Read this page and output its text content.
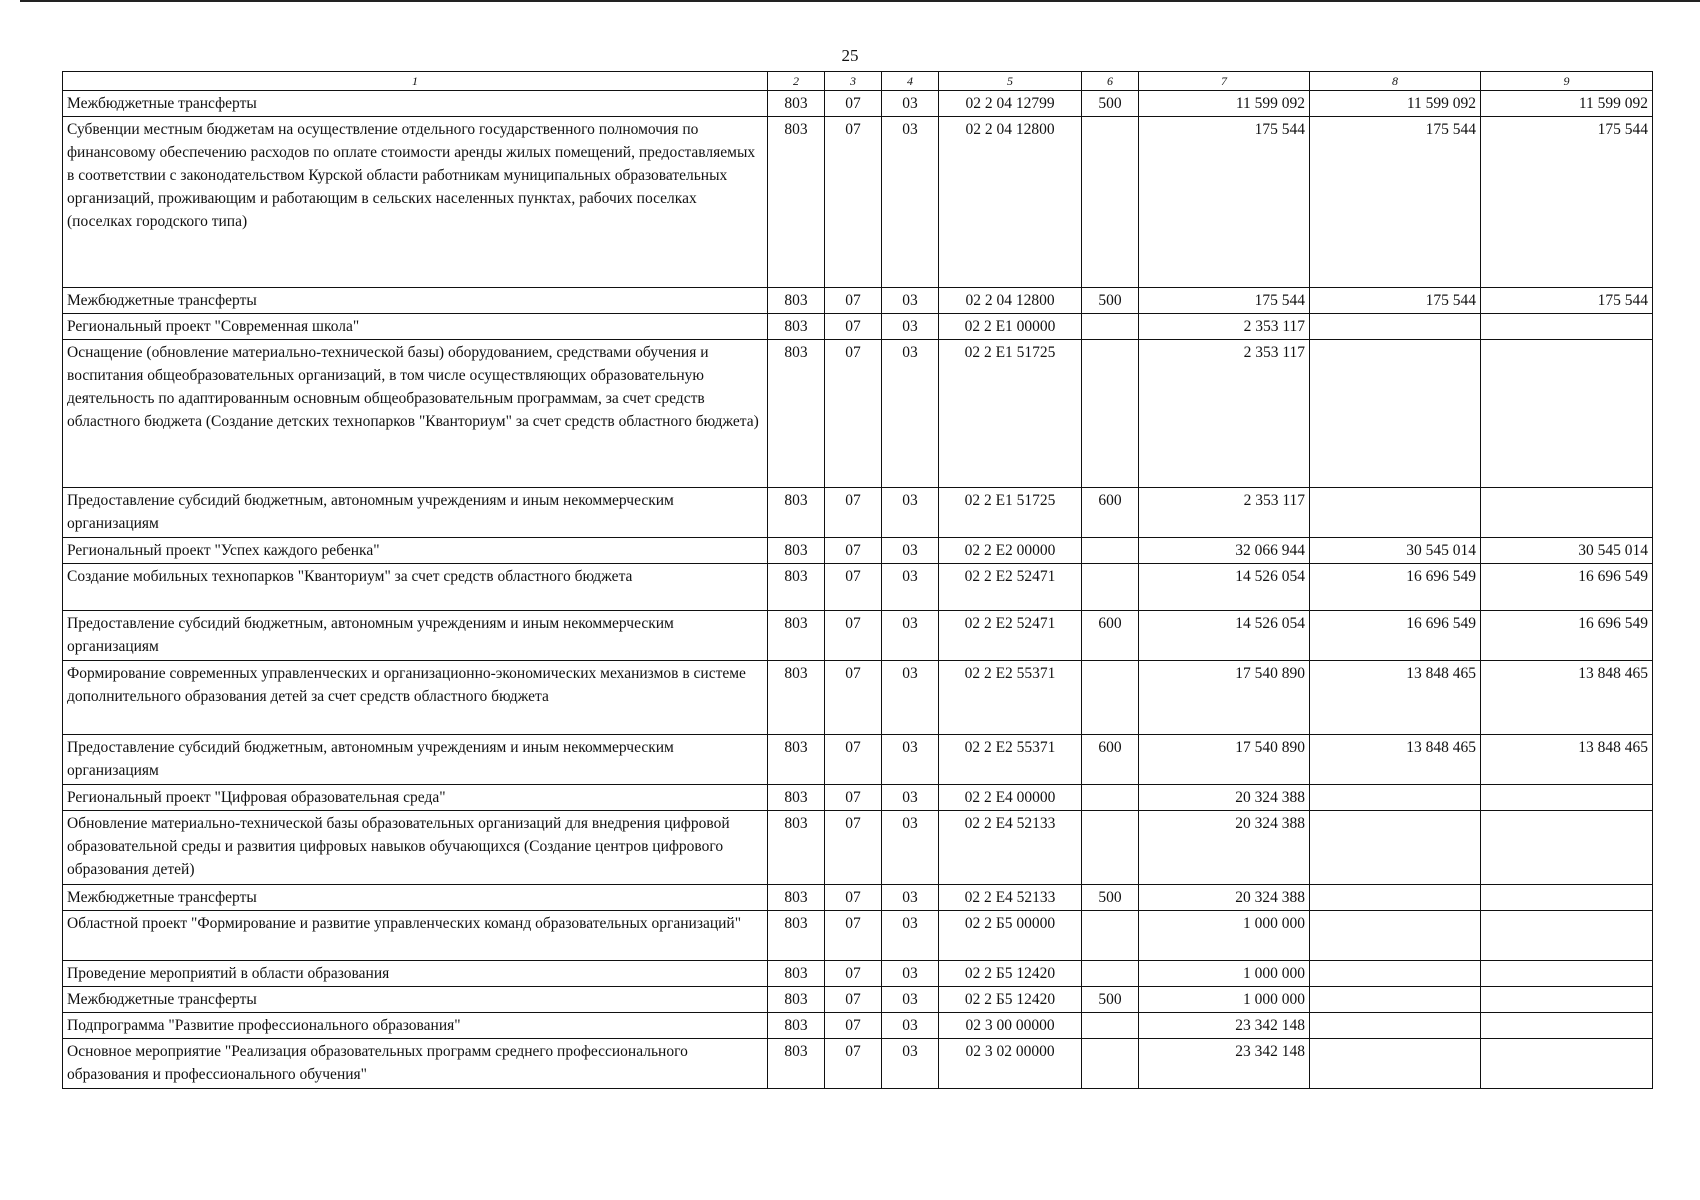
25
1	2	3	4	5	6	7	8	9
Межбюджетные трансферты	803	07	03	02 2 04 12799	500	11 599 092	11 599 092	11 599 092
Субвенции местным бюджетам на осуществление отдельного государственного полномочия по финансовому обеспечению расходов по оплате стоимости аренды жилых помещений, предоставляемых в соответствии с законодательством Курской области работникам муниципальных образовательных организаций, проживающим и работающим в сельских населенных пунктах, рабочих поселках (поселках городского типа)	803	07	03	02 2 04 12800		175 544	175 544	175 544
Межбюджетные трансферты	803	07	03	02 2 04 12800	500	175 544	175 544	175 544
Региональный проект "Современная школа"	803	07	03	02 2 E1 00000		2 353 117		
Оснащение (обновление материально-технической базы) оборудованием, средствами обучения и воспитания общеобразовательных организаций, в том числе осуществляющих образовательную деятельность по адаптированным основным общеобразовательным программам, за счет средств областного бюджета (Создание детских технопарков "Кванториум" за счет средств областного бюджета)	803	07	03	02 2 E1 51725		2 353 117		
Предоставление субсидий бюджетным, автономным учреждениям и иным некоммерческим организациям	803	07	03	02 2 E1 51725	600	2 353 117		
Региональный проект "Успех каждого ребенка"	803	07	03	02 2 E2 00000		32 066 944	30 545 014	30 545 014
Создание мобильных технопарков "Кванториум" за счет средств областного бюджета	803	07	03	02 2 E2 52471		14 526 054	16 696 549	16 696 549
Предоставление субсидий бюджетным, автономным учреждениям и иным некоммерческим организациям	803	07	03	02 2 E2 52471	600	14 526 054	16 696 549	16 696 549
Формирование современных управленческих и организационно-экономических механизмов в системе дополнительного образования детей за счет средств областного бюджета	803	07	03	02 2 E2 55371		17 540 890	13 848 465	13 848 465
Предоставление субсидий бюджетным, автономным учреждениям и иным некоммерческим организациям	803	07	03	02 2 E2 55371	600	17 540 890	13 848 465	13 848 465
Региональный проект "Цифровая образовательная среда"	803	07	03	02 2 E4 00000		20 324 388		
Обновление материально-технической базы образовательных организаций для внедрения цифровой образовательной среды и развития цифровых навыков обучающихся (Создание центров цифрового образования детей)	803	07	03	02 2 E4 52133		20 324 388		
Межбюджетные трансферты	803	07	03	02 2 E4 52133	500	20 324 388		
Областной проект "Формирование и развитие управленческих команд образовательных организаций"	803	07	03	02 2 Б5 00000		1 000 000		
Проведение мероприятий в области образования	803	07	03	02 2 Б5 12420		1 000 000		
Межбюджетные трансферты	803	07	03	02 2 Б5 12420	500	1 000 000		
Подпрограмма "Развитие профессионального образования"	803	07	03	02 3 00 00000		23 342 148		
Основное мероприятие "Реализация образовательных программ среднего профессионального образования и профессионального обучения"	803	07	03	02 3 02 00000		23 342 148		
